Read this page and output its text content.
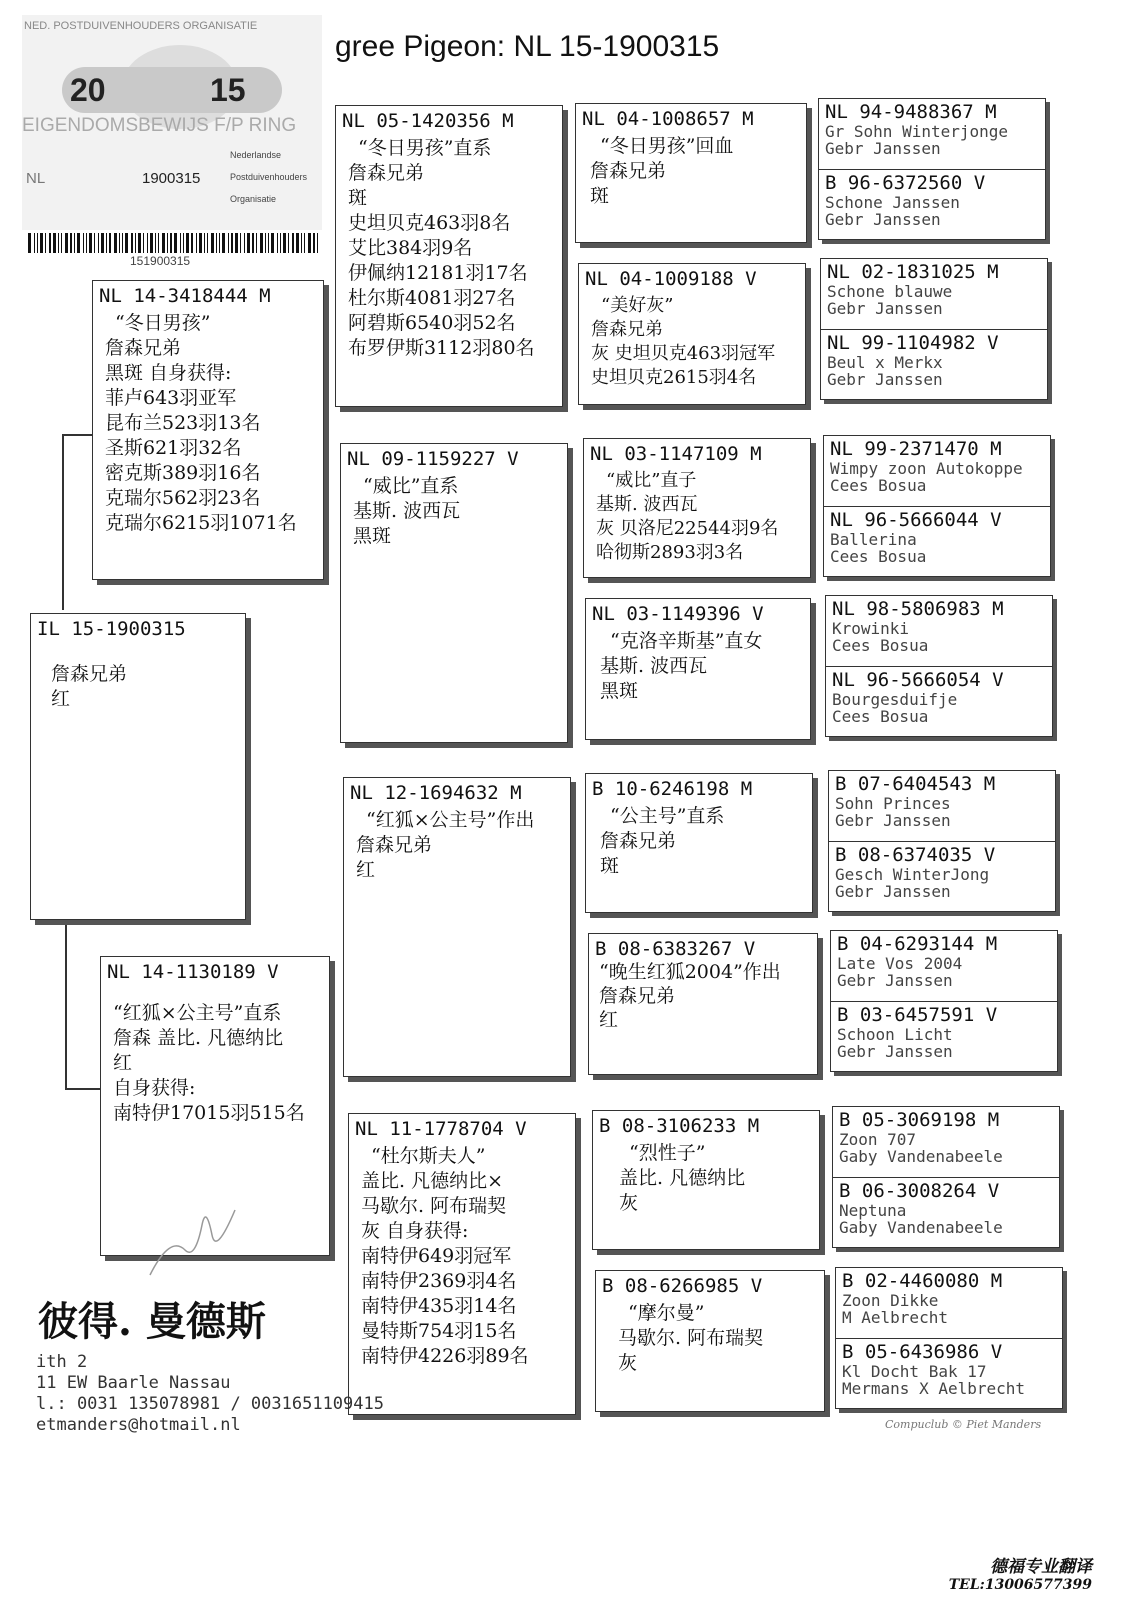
gree Pigeon: NL 15-1900315
NED. POSTDUIVENHOUDERS ORGANISATIE
20	15
EIGENDOMSBEWIJS F/P RING
NL	1900315
Nederlandse
Postduivenhouders
Organisatie
151900315
IL 15-1900315
詹森兄弟
红
NL 14-3418444 M
“冬日男孩”
詹森兄弟
黑斑 自身获得:
菲卢643羽亚军
昆布兰523羽13名
圣斯621羽32名
密克斯389羽16名
克瑞尔562羽23名
克瑞尔6215羽1071名
NL 14-1130189 V
“红狐×公主号”直系
詹森 盖比. 凡德纳比
红
自身获得:
南特伊17015羽515名
NL 05-1420356 M
“冬日男孩”直系
詹森兄弟
斑
史坦贝克463羽8名
艾比384羽9名
伊佩纳12181羽17名
杜尔斯4081羽27名
阿碧斯6540羽52名
布罗伊斯3112羽80名
NL 09-1159227 V
“威比”直系
基斯. 波西瓦
黑斑
NL 12-1694632 M
“红狐×公主号”作出
詹森兄弟
红
NL 11-1778704 V
“杜尔斯夫人”
盖比. 凡德纳比×
马歇尔. 阿布瑞契
灰 自身获得:
南特伊649羽冠军
南特伊2369羽4名
南特伊435羽14名
曼特斯754羽15名
南特伊4226羽89名
NL 04-1008657 M
“冬日男孩”回血
詹森兄弟
斑
NL 04-1009188 V
“美好灰”
詹森兄弟
灰 史坦贝克463羽冠军
史坦贝克2615羽4名
NL 03-1147109 M
“威比”直子
基斯. 波西瓦
灰 贝洛尼22544羽9名
哈彻斯2893羽3名
NL 03-1149396 V
“克洛辛斯基”直女
基斯. 波西瓦
黑斑
B 10-6246198 M
“公主号”直系
詹森兄弟
斑
B 08-6383267 V
“晚生红狐2004”作出
詹森兄弟
红
B 08-3106233 M
“烈性子”
盖比. 凡德纳比
灰
B 08-6266985 V
“摩尔曼”
马歇尔. 阿布瑞契
灰
NL 94-9488367 M
Gr Sohn Winterjonge
Gebr Janssen
B 96-6372560 V
Schone Janssen
Gebr Janssen
NL 02-1831025 M
Schone blauwe
Gebr Janssen
NL 99-1104982 V
Beul x Merkx
Gebr Janssen
NL 99-2371470 M
Wimpy zoon Autokoppe
Cees Bosua
NL 96-5666044 V
Ballerina
Cees Bosua
NL 98-5806983 M
Krowinki
Cees Bosua
NL 96-5666054 V
Bourgesduifje
Cees Bosua
B 07-6404543 M
Sohn Princes
Gebr Janssen
B 08-6374035 V
Gesch WinterJong
Gebr Janssen
B 04-6293144 M
Late Vos 2004
Gebr Janssen
B 03-6457591 V
Schoon Licht
Gebr Janssen
B 05-3069198 M
Zoon 707
Gaby Vandenabeele
B 06-3008264 V
Neptuna
Gaby Vandenabeele
B 02-4460080 M
Zoon Dikke
M Aelbrecht
B 05-6436986 V
Kl Docht Bak 17
Mermans X Aelbrecht
彼得. 曼德斯
ith 2
11 EW Baarle Nassau
l.: 0031 135078981 / 0031651109415
etmanders@hotmail.nl	Compuclub © Piet Manders
德福专业翻译
TEL:13006577399
